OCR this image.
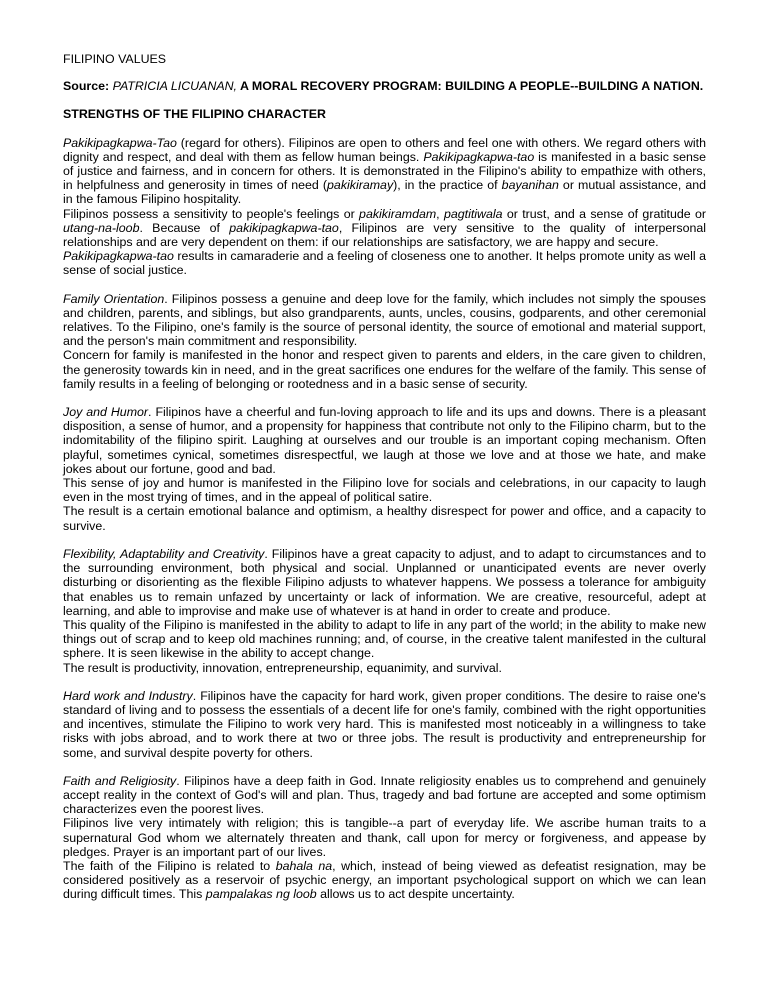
FILIPINO VALUES
Source: PATRICIA LICUANAN, A MORAL RECOVERY PROGRAM: BUILDING A PEOPLE--BUILDING A NATION.
STRENGTHS OF THE FILIPINO CHARACTER

Pakikipagkapwa-Tao (regard for others). Filipinos are open to others and feel one with others. We regard others with dignity and respect, and deal with them as fellow human beings. Pakikipagkapwa-tao is manifested in a basic sense of justice and fairness, and in concern for others. It is demonstrated in the Filipino's ability to empathize with others, in helpfulness and generosity in times of need (pakikiramay), in the practice of bayanihan or mutual assistance, and in the famous Filipino hospitality.

Filipinos possess a sensitivity to people's feelings or pakikiramdam, pagtitiwala or trust, and a sense of gratitude or utang-na-loob. Because of pakikipagkapwa-tao, Filipinos are very sensitive to the quality of interpersonal relationships and are very dependent on them: if our relationships are satisfactory, we are happy and secure.

Pakikipagkapwa-tao results in camaraderie and a feeling of closeness one to another. It helps promote unity as well a sense of social justice.

Family Orientation. Filipinos possess a genuine and deep love for the family, which includes not simply the spouses and children, parents, and siblings, but also grandparents, aunts, uncles, cousins, godparents, and other ceremonial relatives. To the Filipino, one's family is the source of personal identity, the source of emotional and material support, and the person's main commitment and responsibility.

Concern for family is manifested in the honor and respect given to parents and elders, in the care given to children, the generosity towards kin in need, and in the great sacrifices one endures for the welfare of the family. This sense of family results in a feeling of belonging or rootedness and in a basic sense of security.

Joy and Humor. Filipinos have a cheerful and fun-loving approach to life and its ups and downs. There is a pleasant disposition, a sense of humor, and a propensity for happiness that contribute not only to the Filipino charm, but to the indomitability of the filipino spirit. Laughing at ourselves and our trouble is an important coping mechanism. Often playful, sometimes cynical, sometimes disrespectful, we laugh at those we love and at those we hate, and make jokes about our fortune, good and bad.

This sense of joy and humor is manifested in the Filipino love for socials and celebrations, in our capacity to laugh even in the most trying of times, and in the appeal of political satire.

The result is a certain emotional balance and optimism, a healthy disrespect for power and office, and a capacity to survive.

Flexibility, Adaptability and Creativity. Filipinos have a great capacity to adjust, and to adapt to circumstances and to the surrounding environment, both physical and social. Unplanned or unanticipated events are never overly disturbing or disorienting as the flexible Filipino adjusts to whatever happens. We possess a tolerance for ambiguity that enables us to remain unfazed by uncertainty or lack of information. We are creative, resourceful, adept at learning, and able to improvise and make use of whatever is at hand in order to create and produce.

This quality of the Filipino is manifested in the ability to adapt to life in any part of the world; in the ability to make new things out of scrap and to keep old machines running; and, of course, in the creative talent manifested in the cultural sphere. It is seen likewise in the ability to accept change.

The result is productivity, innovation, entrepreneurship, equanimity, and survival.

Hard work and Industry. Filipinos have the capacity for hard work, given proper conditions. The desire to raise one's standard of living and to possess the essentials of a decent life for one's family, combined with the right opportunities and incentives, stimulate the Filipino to work very hard. This is manifested most noticeably in a willingness to take risks with jobs abroad, and to work there at two or three jobs. The result is productivity and entrepreneurship for some, and survival despite poverty for others.

Faith and Religiosity. Filipinos have a deep faith in God. Innate religiosity enables us to comprehend and genuinely accept reality in the context of God's will and plan. Thus, tragedy and bad fortune are accepted and some optimism characterizes even the poorest lives.

Filipinos live very intimately with religion; this is tangible--a part of everyday life. We ascribe human traits to a supernatural God whom we alternately threaten and thank, call upon for mercy or forgiveness, and appease by pledges. Prayer is an important part of our lives.

The faith of the Filipino is related to bahala na, which, instead of being viewed as defeatist resignation, may be considered positively as a reservoir of psychic energy, an important psychological support on which we can lean during difficult times. This pampalakas ng loob allows us to act despite uncertainty.
